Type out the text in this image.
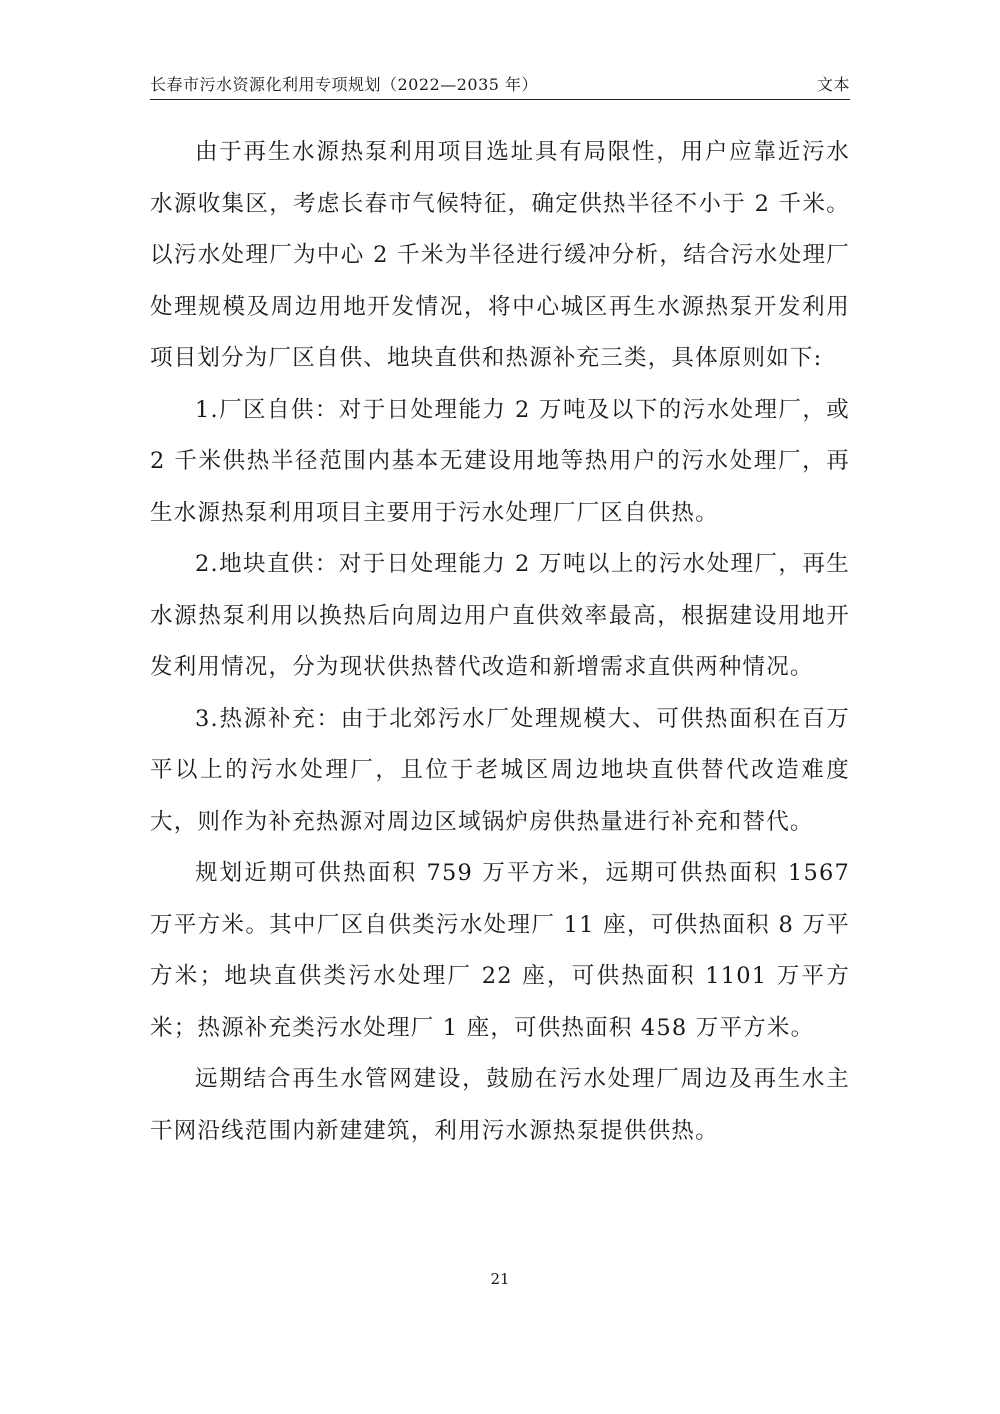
长春市污水资源化利用专项规划（2022—2035 年）	文本

由于再生水源热泵利用项目选址具有局限性，用户应靠近污水水源收集区，考虑长春市气候特征，确定供热半径不小于 2 千米。以污水处理厂为中心 2 千米为半径进行缓冲分析，结合污水处理厂处理规模及周边用地开发情况，将中心城区再生水源热泵开发利用项目划分为厂区自供、地块直供和热源补充三类，具体原则如下:

1.厂区自供：对于日处理能力 2 万吨及以下的污水处理厂，或 2 千米供热半径范围内基本无建设用地等热用户的污水处理厂，再生水源热泵利用项目主要用于污水处理厂厂区自供热。

2.地块直供：对于日处理能力 2 万吨以上的污水处理厂，再生水源热泵利用以换热后向周边用户直供效率最高，根据建设用地开发利用情况，分为现状供热替代改造和新增需求直供两种情况。

3.热源补充：由于北郊污水厂处理规模大、可供热面积在百万平以上的污水处理厂，且位于老城区周边地块直供替代改造难度大，则作为补充热源对周边区域锅炉房供热量进行补充和替代。

规划近期可供热面积 759 万平方米，远期可供热面积 1567 万平方米。其中厂区自供类污水处理厂 11 座，可供热面积 8 万平方米；地块直供类污水处理厂 22 座，可供热面积 1101 万平方米；热源补充类污水处理厂 1 座，可供热面积 458 万平方米。

远期结合再生水管网建设，鼓励在污水处理厂周边及再生水主干网沿线范围内新建建筑，利用污水源热泵提供供热。

21
